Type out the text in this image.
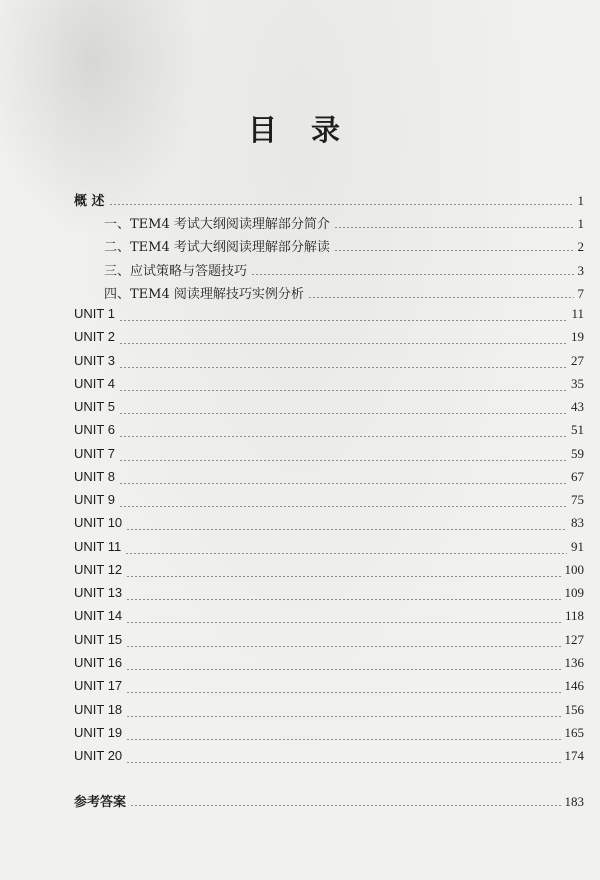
目 录
概 述	1
一、TEM4 考试大纲阅读理解部分简介	1
二、TEM4 考试大纲阅读理解部分解读	2
三、应试策略与答题技巧	3
四、TEM4 阅读理解技巧实例分析	7
UNIT 1	11
UNIT 2	19
UNIT 3	27
UNIT 4	35
UNIT 5	43
UNIT 6	51
UNIT 7	59
UNIT 8	67
UNIT 9	75
UNIT 10	83
UNIT 11	91
UNIT 12	100
UNIT 13	109
UNIT 14	118
UNIT 15	127
UNIT 16	136
UNIT 17	146
UNIT 18	156
UNIT 19	165
UNIT 20	174
参考答案	183
